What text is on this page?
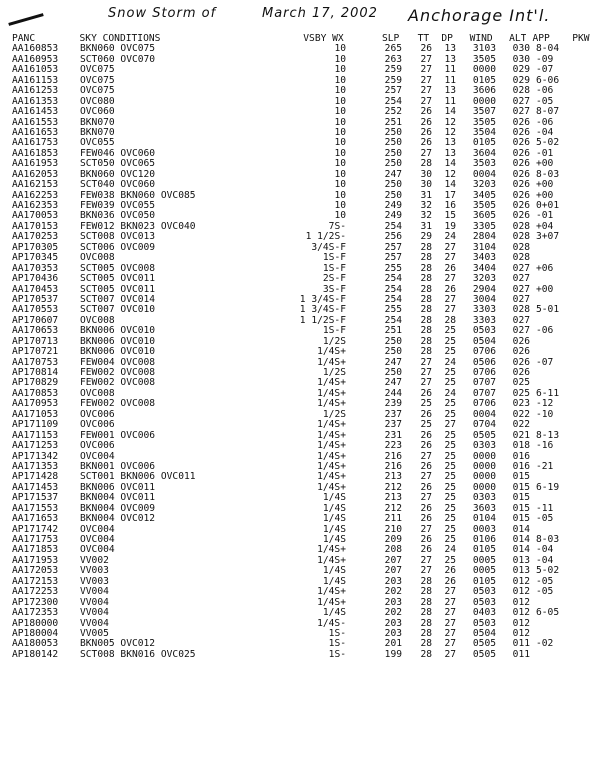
Snow Storm of	March 17, 2002 Anchorage Int'l.
PANC	SKY CONDITIONS	VSBY WX	SLP	TT	DP	WIND	ALT APP	PKW
AA160853	BKN060 OVC075	10	265	26	13	3103	030 8-04
AA160953	SCT060 OVC070	10	263	27	13	3505	030 -09
AA161053	OVC075	10	259	27	11	0000	029 -07
AA161153	OVC075	10	259	27	11	0105	029 6-06
AA161253	OVC075	10	257	27	13	3606	028 -06
AA161353	OVC080	10	254	27	11	0000	027 -05
AA161453	OVC060	10	252	26	14	3507	027 8-07
AA161553	BKN070	10	251	26	12	3505	026 -06
AA161653	BKN070	10	250	26	12	3504	026 -04
AA161753	OVC055	10	250	26	13	0105	026 5-02
AA161853	FEW046 OVC060	10	250	27	13	3604	026 -01
AA161953	SCT050 OVC065	10	250	28	14	3503	026 +00
AA162053	BKN060 OVC120	10	247	30	12	0004	026 8-03
AA162153	SCT040 OVC060	10	250	30	14	3203	026 +00
AA162253	FEW038 BKN060 OVC085	10	250	31	17	3405	026 +00
AA162353	FEW039 OVC055	10	249	32	16	3505	026 0+01
AA170053	BKN036 OVC050	10	249	32	15	3605	026 -01
AA170153	FEW012 BKN023 OVC040	7S-	254	31	19	3305	028 +04
AA170253	SCT008 OVC013	1 1/2S-	256	29	24	2804	028 3+07
AP170305	SCT006 OVC009	3/4S-F	257	28	27	3104	028
AP170345	OVC008	1S-F	257	28	27	3403	028
AA170353	SCT005 OVC008	1S-F	255	28	26	3404	027 +06
AP170436	SCT005 OVC011	2S-F	254	28	27	3203	027
AA170453	SCT005 OVC011	3S-F	254	28	26	2904	027 +00
AP170537	SCT007 OVC014	1 3/4S-F	254	28	27	3004	027
AA170553	SCT007 OVC010	1 3/4S-F	255	28	27	3303	028 5-01
AP170607	OVC008	1 1/2S-F	254	28	28	3303	027
AA170653	BKN006 OVC010	1S-F	251	28	25	0503	027 -06
AP170713	BKN006 OVC010	1/2S	250	28	25	0504	026
AP170721	BKN006 OVC010	1/4S+	250	28	25	0706	026
AA170753	FEW004 OVC008	1/4S+	247	27	24	0506	026 -07
AP170814	FEW002 OVC008	1/2S	250	27	25	0706	026
AP170829	FEW002 OVC008	1/4S+	247	27	25	0707	025
AA170853	OVC008	1/4S+	244	26	24	0707	025 6-11
AA170953	FEW002 OVC008	1/4S+	239	25	25	0706	023 -12
AA171053	OVC006	1/2S	237	26	25	0004	022 -10
AP171109	OVC006	1/4S+	237	25	27	0704	022
AA171153	FEW001 OVC006	1/4S+	231	26	25	0505	021 8-13
AA171253	OVC006	1/4S+	223	26	25	0303	018 -16
AP171342	OVC004	1/4S+	216	27	25	0000	016
AA171353	BKN001 OVC006	1/4S+	216	26	25	0000	016 -21
AP171428	SCT001 BKN006 OVC011	1/4S+	213	27	25	0000	015
AA171453	BKN006 OVC011	1/4S+	212	26	25	0000	015 6-19
AP171537	BKN004 OVC011	1/4S	213	27	25	0303	015
AA171553	BKN004 OVC009	1/4S	212	26	25	3603	015 -11
AA171653	BKN004 OVC012	1/4S	211	26	25	0104	015 -05
AP171742	OVC004	1/4S	210	27	25	0003	014
AA171753	OVC004	1/4S	209	26	25	0106	014 8-03
AA171853	OVC004	1/4S+	208	26	24	0105	014 -04
AA171953	VV002	1/4S+	207	27	25	0005	013 -04
AA172053	VV003	1/4S	207	27	26	0005	013 5-02
AA172153	VV003	1/4S	203	28	26	0105	012 -05
AA172253	VV004	1/4S+	202	28	27	0503	012 -05
AP172300	VV004	1/4S+	203	28	27	0503	012
AA172353	VV004	1/4S	202	28	27	0403	012 6-05
AP180000	VV004	1/4S-	203	28	27	0503	012
AP180004	VV005	1S-	203	28	27	0504	012
AA180053	BKN005 OVC012	1S-	201	28	27	0505	011 -02
AP180142	SCT008 BKN016 OVC025	1S-	199	28	27	0505	011
